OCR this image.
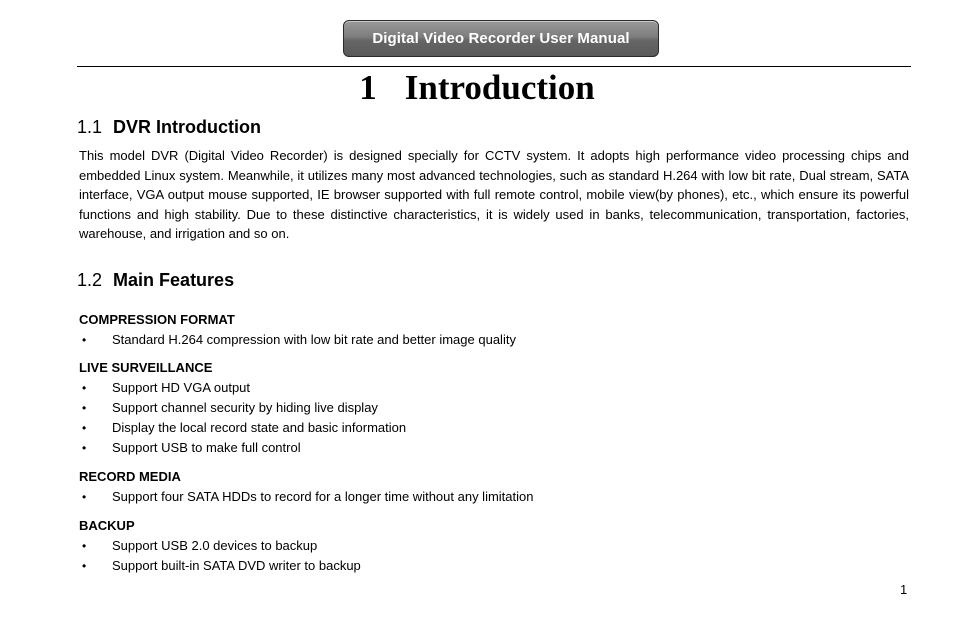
Digital Video Recorder User Manual
1 Introduction
1.1 DVR Introduction
This model DVR (Digital Video Recorder) is designed specially for CCTV system. It adopts high performance video processing chips and embedded Linux system. Meanwhile, it utilizes many most advanced technologies, such as standard H.264 with low bit rate, Dual stream, SATA interface, VGA output mouse supported, IE browser supported with full remote control, mobile view(by phones), etc., which ensure its powerful functions and high stability. Due to these distinctive characteristics, it is widely used in banks, telecommunication, transportation, factories, warehouse, and irrigation and so on.
1.2 Main Features
COMPRESSION FORMAT
• Standard H.264 compression with low bit rate and better image quality
LIVE SURVEILLANCE
• Support HD VGA output
• Support channel security by hiding live display
• Display the local record state and basic information
• Support USB to make full control
RECORD MEDIA
• Support four SATA HDDs to record for a longer time without any limitation
BACKUP
• Support USB 2.0 devices to backup
• Support built-in SATA DVD writer to backup
1
